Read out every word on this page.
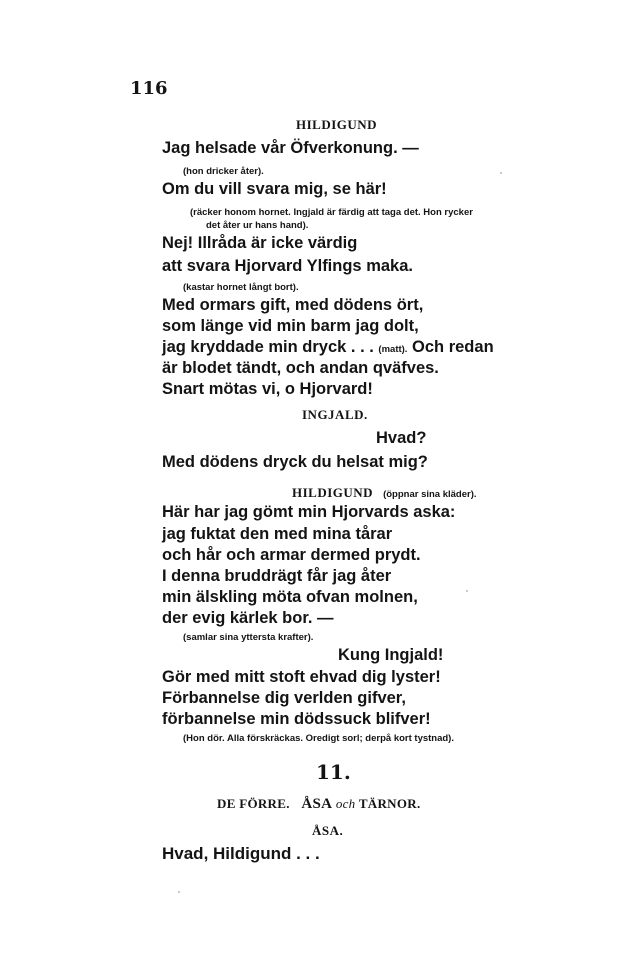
116
HILDIGUND
Jag helsade vår Öfverkonung. —
(hon dricker åter).
Om du vill svara mig, se här!
(räcker honom hornet. Ingjald är färdig att taga det. Hon rycker
det åter ur hans hand).
Nej! Illråda är icke värdig
att svara Hjorvard Ylfings maka.
(kastar hornet långt bort).
Med ormars gift, med dödens ört,
som länge vid min barm jag dolt,
jag kryddade min dryck . . . (matt). Och redan
är blodet tändt, och andan qväfves.
Snart mötas vi, o Hjorvard!
INGJALD.
Hvad?
Med dödens dryck du helsat mig?
HILDIGUND (öppnar sina kläder).
Här har jag gömt min Hjorvards aska:
jag fuktat den med mina tårar
och hår och armar dermed prydt.
I denna bruddrägt får jag åter
min älskling möta ofvan molnen,
der evig kärlek bor. —
(samlar sina yttersta krafter).
Kung Ingjald!
Gör med mitt stoft ehvad dig lyster!
Förbannelse dig verlden gifver,
förbannelse min dödssuck blifver!
(Hon dör. Alla förskräckas. Oredigt sorl; derpå kort tystnad).
11.
DE FÖRRE. ÅSA och TÄRNOR.
ÅSA.
Hvad, Hildigund . . .
